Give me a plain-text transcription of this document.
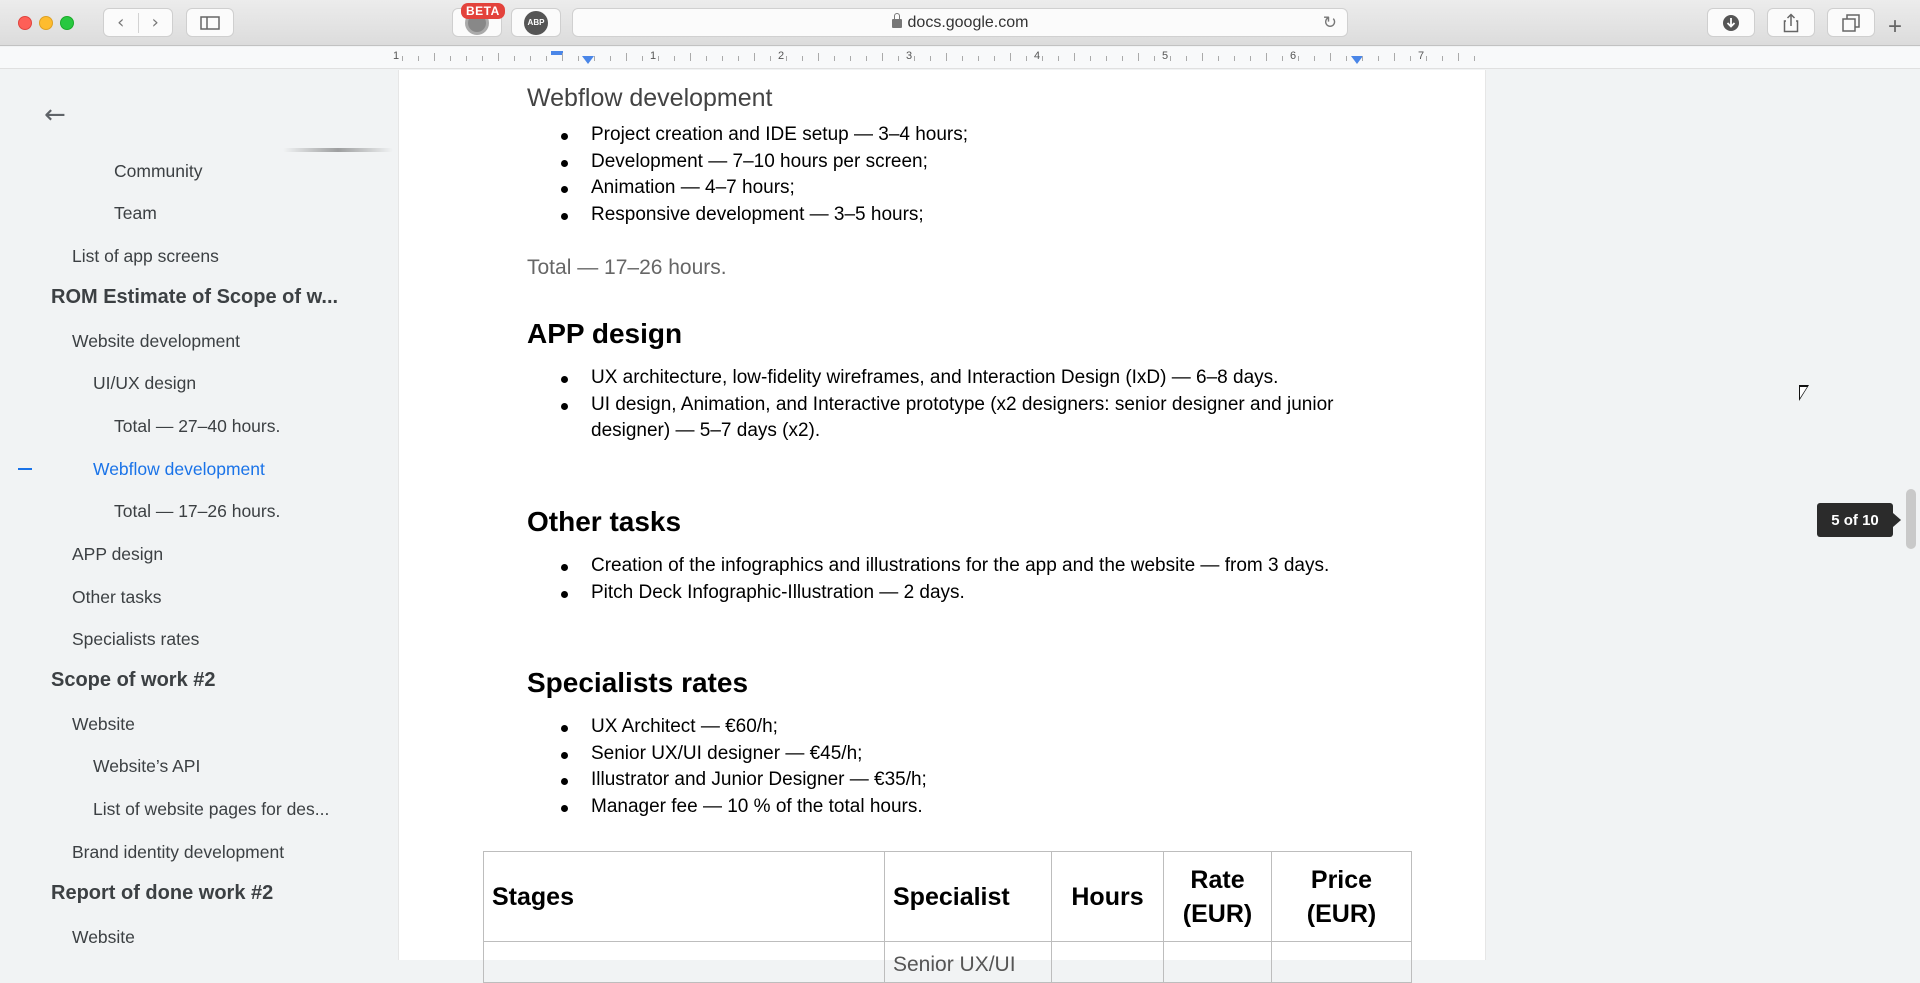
‹	›
BETA
ABP	docs.google.com	↻	+
1	1	2	3	4	5	6	7
←
Community
Team
List of app screens
ROM Estimate of Scope of w...
Website development
UI/UX design
Total — 27–40 hours.
Webflow development
Total — 17–26 hours.
APP design
Other tasks
Specialists rates
Scope of work #2
Website
Website’s API
List of website pages for des...
Brand identity development
Report of done work #2
Website
Webflow development
Project creation and IDE setup — 3–4 hours;
Development — 7–10 hours per screen;
Animation — 4–7 hours;
Responsive development — 3–5 hours;
Total — 17–26 hours.
APP design
UX architecture, low-fidelity wireframes, and Interaction Design (IxD) — 6–8 days.
UI design, Animation, and Interactive prototype (x2 designers: senior designer and junior designer) — 5–7 days (x2).
Other tasks
Creation of the infographics and illustrations for the app and the website — from 3 days.
Pitch Deck Infographic-Illustration — 2 days.
Specialists rates
UX Architect — €60/h;
Senior UX/UI designer — €45/h;
Illustrator and Junior Designer — €35/h;
Manager fee — 10 % of the total hours.
Stages	Specialist	Hours	Rate (EUR)	Price (EUR)
	Senior UX/UI			
5 of 10
